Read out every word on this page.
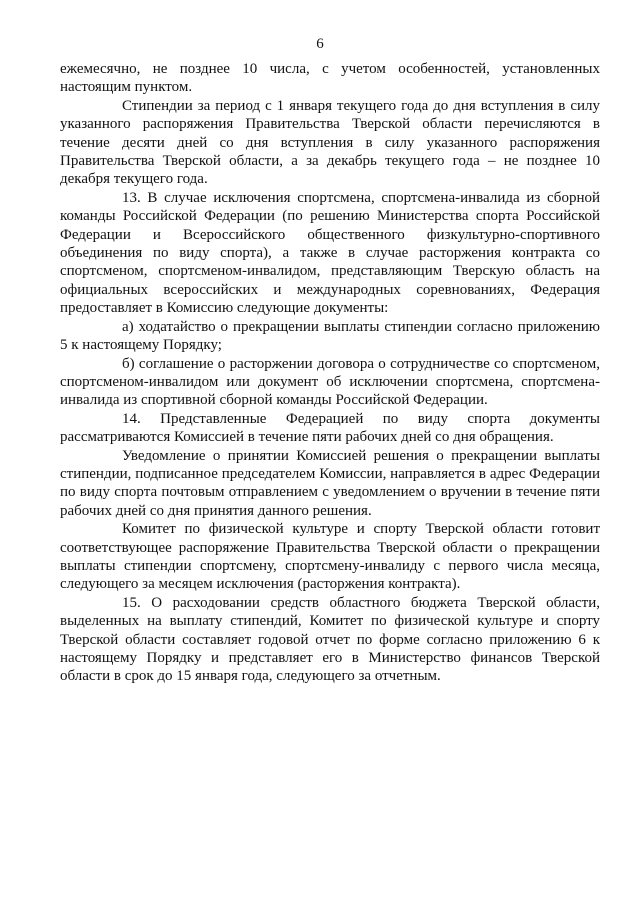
6

ежемесячно, не позднее 10 числа, с учетом особенностей, установленных настоящим пунктом.

Стипендии за период с 1 января текущего года до дня вступления в силу указанного распоряжения Правительства Тверской области перечисляются в течение десяти дней со дня вступления в силу указанного распоряжения Правительства Тверской области, а за декабрь текущего года – не позднее 10 декабря текущего года.

13. В случае исключения спортсмена, спортсмена-инвалида из сборной команды Российской Федерации (по решению Министерства спорта Российской Федерации и Всероссийского общественного физкультурно-спортивного объединения по виду спорта), а также в случае расторжения контракта со спортсменом, спортсменом-инвалидом, представляющим Тверскую область на официальных всероссийских и международных соревнованиях, Федерация предоставляет в Комиссию следующие документы:

а) ходатайство о прекращении выплаты стипендии согласно приложению 5 к настоящему Порядку;

б) соглашение о расторжении договора о сотрудничестве со спортсменом, спортсменом-инвалидом или документ об исключении спортсмена, спортсмена-инвалида из спортивной сборной команды Российской Федерации.

14. Представленные Федерацией по виду спорта документы рассматриваются Комиссией в течение пяти рабочих дней со дня обращения.

Уведомление о принятии Комиссией решения о прекращении выплаты стипендии, подписанное председателем Комиссии, направляется в адрес Федерации по виду спорта почтовым отправлением с уведомлением о вручении в течение пяти рабочих дней со дня принятия данного решения.

Комитет по физической культуре и спорту Тверской области готовит соответствующее распоряжение Правительства Тверской области о прекращении выплаты стипендии спортсмену, спортсмену-инвалиду с первого числа месяца, следующего за месяцем исключения (расторжения контракта).

15. О расходовании средств областного бюджета Тверской области, выделенных на выплату стипендий, Комитет по физической культуре и спорту Тверской области составляет годовой отчет по форме согласно приложению 6 к настоящему Порядку и представляет его в Министерство финансов Тверской области в срок до 15 января года, следующего за отчетным.
